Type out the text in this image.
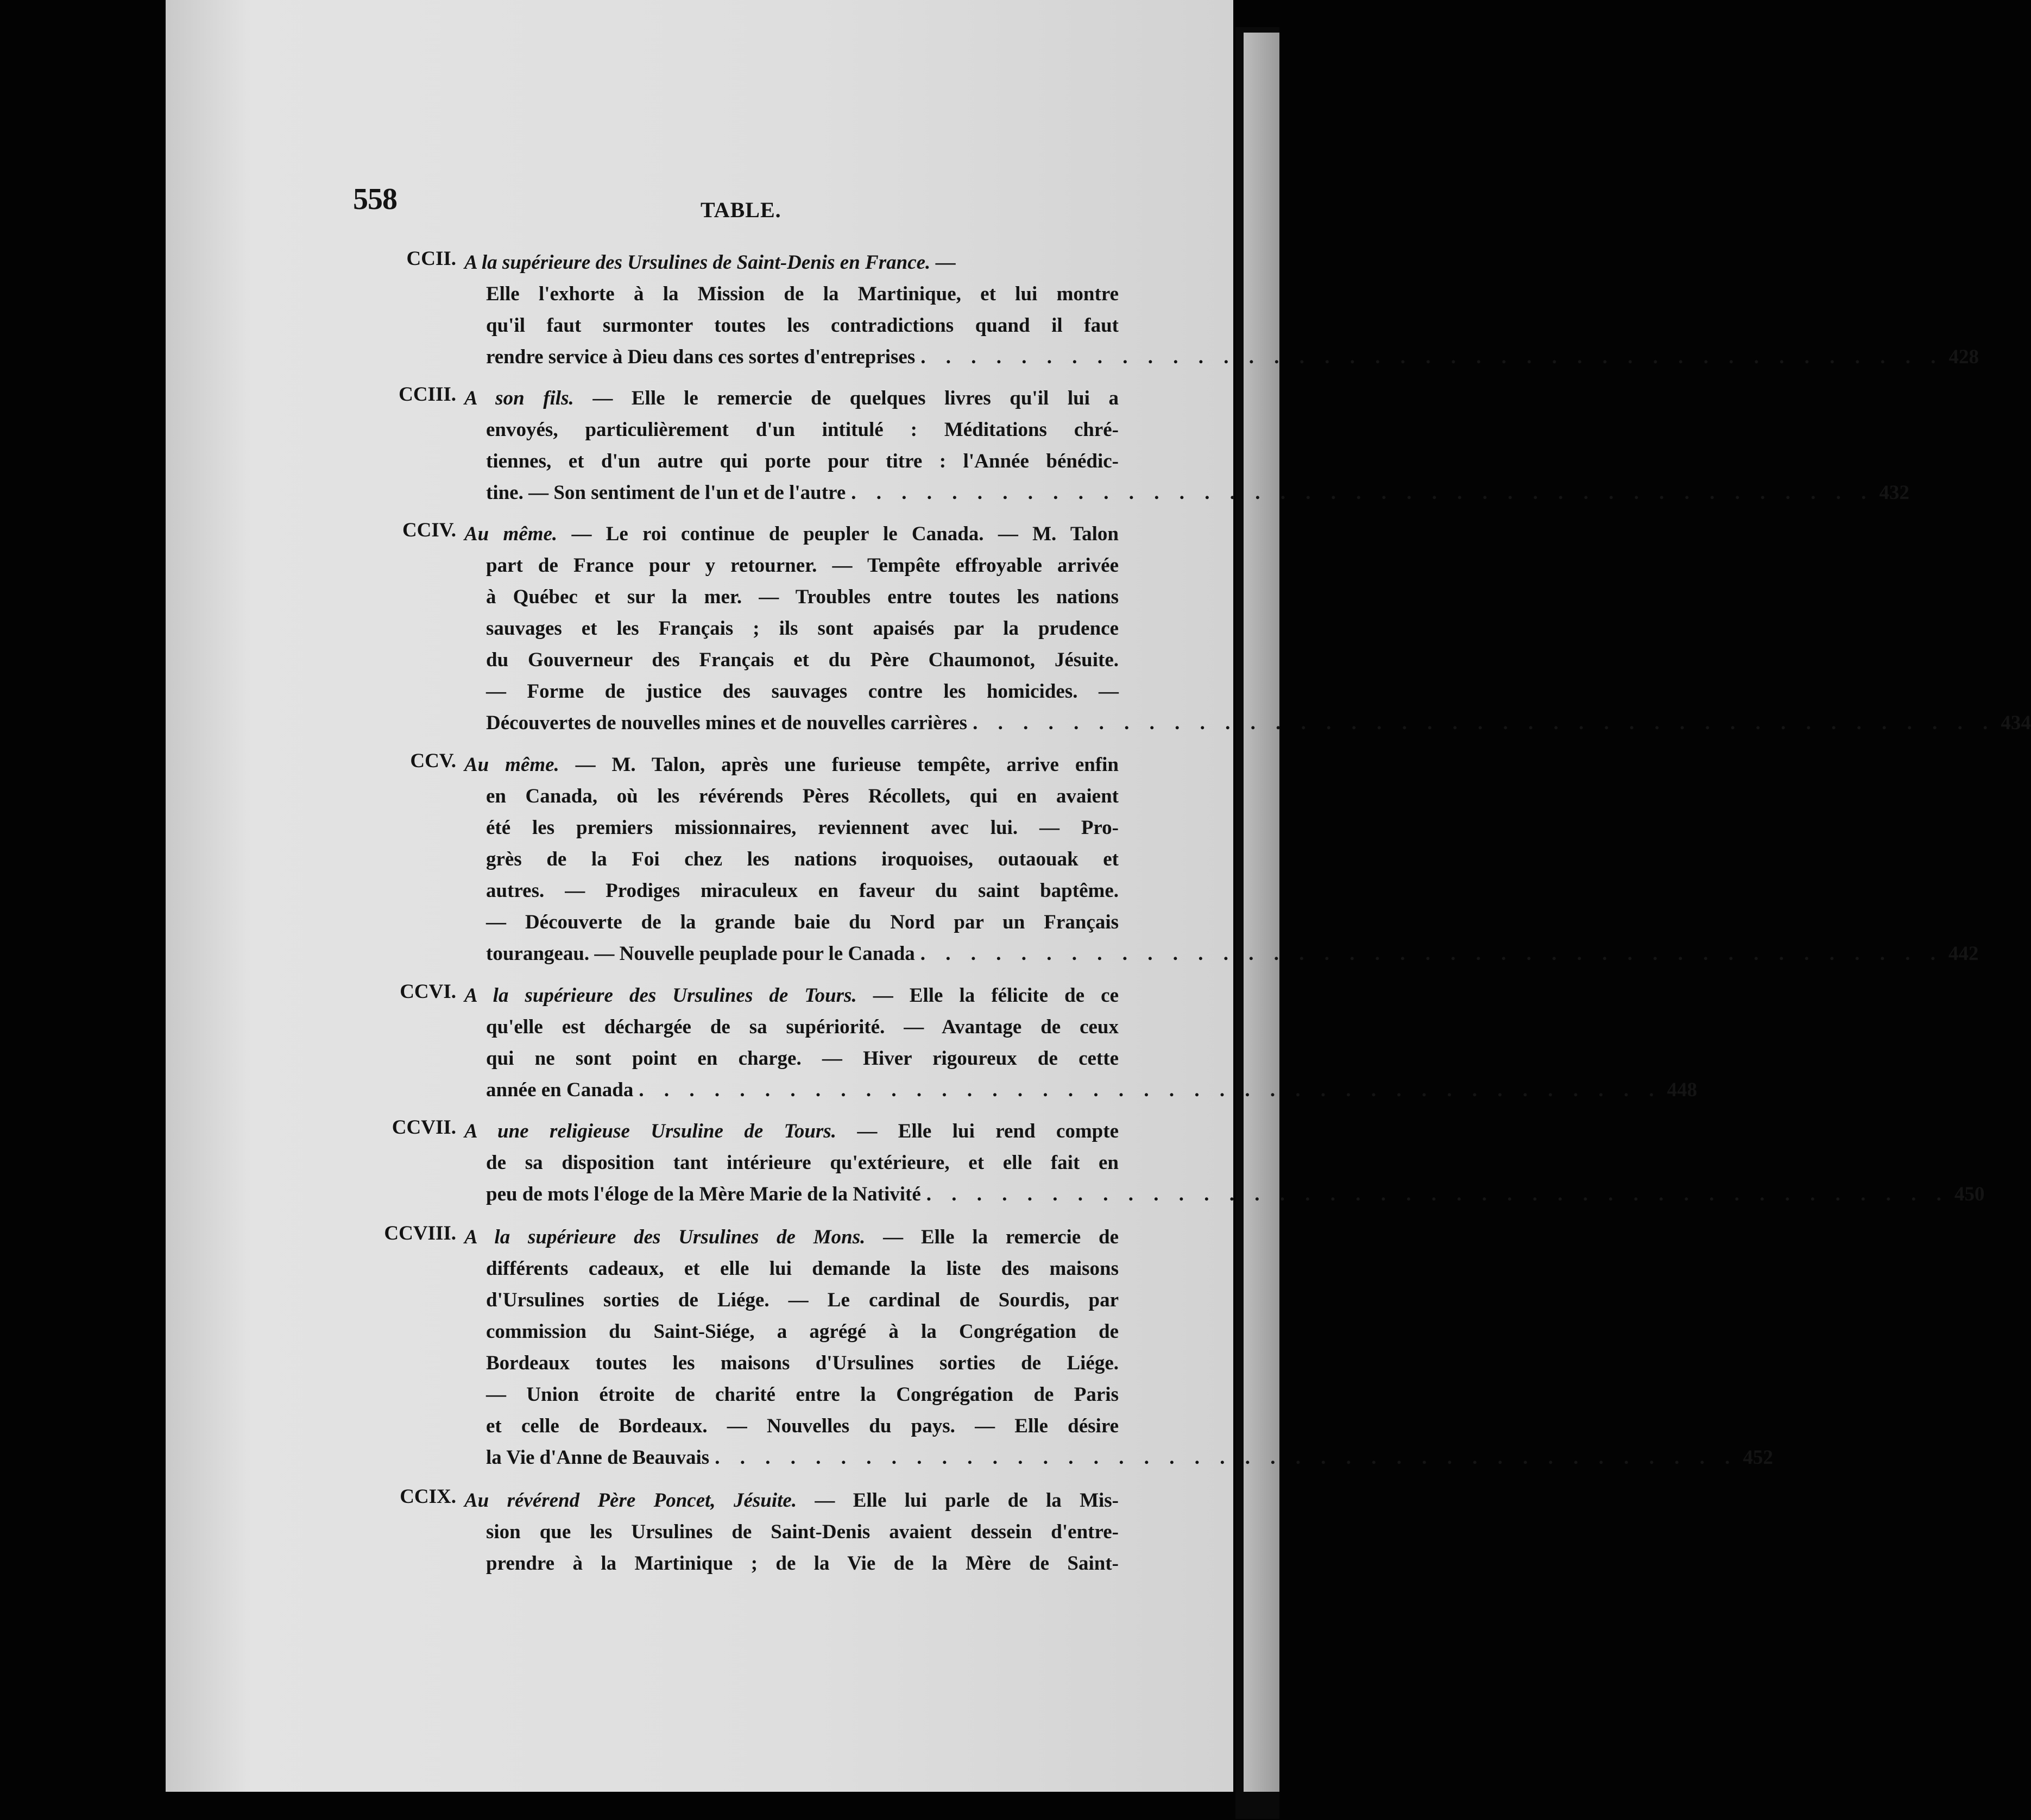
558	TABLE.
CCII. A la supérieure des Ursulines de Saint-Denis en France. —
Elle l'exhorte à la Mission de la Martinique, et lui montre
qu'il faut surmonter toutes les contradictions quand il faut
rendre service à Dieu dans ces sortes d'entreprises . . . . . . . . . . . . . . . . . . . . . . . . . . . . . . . . . . . . . . . . . 428
CCIII. A son fils. — Elle le remercie de quelques livres qu'il lui a
envoyés, particulièrement d'un intitulé : Méditations chré-
tiennes, et d'un autre qui porte pour titre : l'Année bénédic-
tine. — Son sentiment de l'un et de l'autre . . . . . . . . . . . . . . . . . . . . . . . . . . . . . . . . . . . . . . . . . 432
CCIV. Au même. — Le roi continue de peupler le Canada. — M. Talon
part de France pour y retourner. — Tempête effroyable arrivée
à Québec et sur la mer. — Troubles entre toutes les nations
sauvages et les Français ; ils sont apaisés par la prudence
du Gouverneur des Français et du Père Chaumonot, Jésuite.
— Forme de justice des sauvages contre les homicides. —
Découvertes de nouvelles mines et de nouvelles carrières . . . . . . . . . . . . . . . . . . . . . . . . . . . . . . . . . . . . . . . . . 434
CCV. Au même. — M. Talon, après une furieuse tempête, arrive enfin
en Canada, où les révérends Pères Récollets, qui en avaient
été les premiers missionnaires, reviennent avec lui. — Pro-
grès de la Foi chez les nations iroquoises, outaouak et
autres. — Prodiges miraculeux en faveur du saint baptême.
— Découverte de la grande baie du Nord par un Français
tourangeau. — Nouvelle peuplade pour le Canada . . . . . . . . . . . . . . . . . . . . . . . . . . . . . . . . . . . . . . . . . 442
CCVI. A la supérieure des Ursulines de Tours. — Elle la félicite de ce
qu'elle est déchargée de sa supériorité. — Avantage de ceux
qui ne sont point en charge. — Hiver rigoureux de cette
année en Canada . . . . . . . . . . . . . . . . . . . . . . . . . . . . . . . . . . . . . . . . . 448
CCVII. A une religieuse Ursuline de Tours. — Elle lui rend compte
de sa disposition tant intérieure qu'extérieure, et elle fait en
peu de mots l'éloge de la Mère Marie de la Nativité . . . . . . . . . . . . . . . . . . . . . . . . . . . . . . . . . . . . . . . . . 450
CCVIII. A la supérieure des Ursulines de Mons. — Elle la remercie de
différents cadeaux, et elle lui demande la liste des maisons
d'Ursulines sorties de Liége. — Le cardinal de Sourdis, par
commission du Saint-Siége, a agrégé à la Congrégation de
Bordeaux toutes les maisons d'Ursulines sorties de Liége.
— Union étroite de charité entre la Congrégation de Paris
et celle de Bordeaux. — Nouvelles du pays. — Elle désire
la Vie d'Anne de Beauvais . . . . . . . . . . . . . . . . . . . . . . . . . . . . . . . . . . . . . . . . . 452
CCIX. Au révérend Père Poncet, Jésuite. — Elle lui parle de la Mis-
sion que les Ursulines de Saint-Denis avaient dessein d'entre-
prendre à la Martinique ; de la Vie de la Mère de Saint-
